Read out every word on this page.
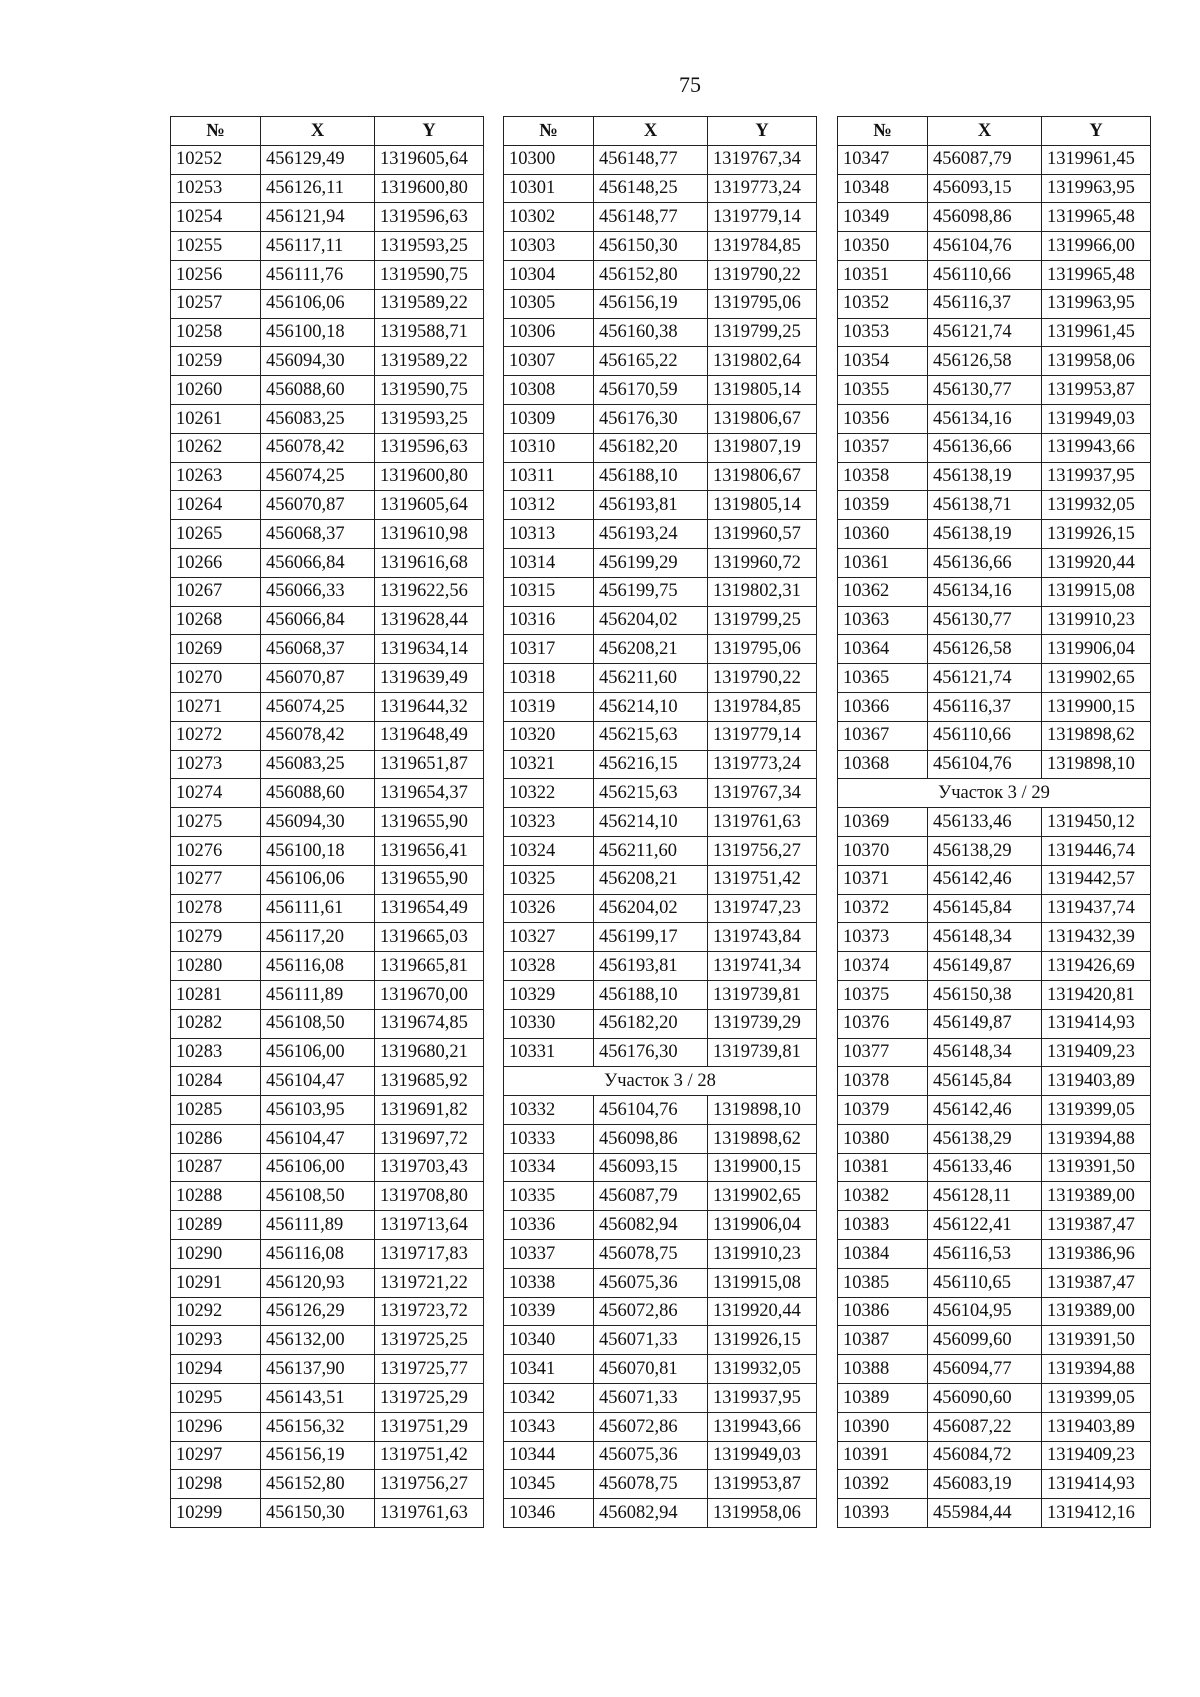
75
№	X	Y
10252	456129,49	1319605,64
10253	456126,11	1319600,80
10254	456121,94	1319596,63
10255	456117,11	1319593,25
10256	456111,76	1319590,75
10257	456106,06	1319589,22
10258	456100,18	1319588,71
10259	456094,30	1319589,22
10260	456088,60	1319590,75
10261	456083,25	1319593,25
10262	456078,42	1319596,63
10263	456074,25	1319600,80
10264	456070,87	1319605,64
10265	456068,37	1319610,98
10266	456066,84	1319616,68
10267	456066,33	1319622,56
10268	456066,84	1319628,44
10269	456068,37	1319634,14
10270	456070,87	1319639,49
10271	456074,25	1319644,32
10272	456078,42	1319648,49
10273	456083,25	1319651,87
10274	456088,60	1319654,37
10275	456094,30	1319655,90
10276	456100,18	1319656,41
10277	456106,06	1319655,90
10278	456111,61	1319654,49
10279	456117,20	1319665,03
10280	456116,08	1319665,81
10281	456111,89	1319670,00
10282	456108,50	1319674,85
10283	456106,00	1319680,21
10284	456104,47	1319685,92
10285	456103,95	1319691,82
10286	456104,47	1319697,72
10287	456106,00	1319703,43
10288	456108,50	1319708,80
10289	456111,89	1319713,64
10290	456116,08	1319717,83
10291	456120,93	1319721,22
10292	456126,29	1319723,72
10293	456132,00	1319725,25
10294	456137,90	1319725,77
10295	456143,51	1319725,29
10296	456156,32	1319751,29
10297	456156,19	1319751,42
10298	456152,80	1319756,27
10299	456150,30	1319761,63
№	X	Y
10300	456148,77	1319767,34
10301	456148,25	1319773,24
10302	456148,77	1319779,14
10303	456150,30	1319784,85
10304	456152,80	1319790,22
10305	456156,19	1319795,06
10306	456160,38	1319799,25
10307	456165,22	1319802,64
10308	456170,59	1319805,14
10309	456176,30	1319806,67
10310	456182,20	1319807,19
10311	456188,10	1319806,67
10312	456193,81	1319805,14
10313	456193,24	1319960,57
10314	456199,29	1319960,72
10315	456199,75	1319802,31
10316	456204,02	1319799,25
10317	456208,21	1319795,06
10318	456211,60	1319790,22
10319	456214,10	1319784,85
10320	456215,63	1319779,14
10321	456216,15	1319773,24
10322	456215,63	1319767,34
10323	456214,10	1319761,63
10324	456211,60	1319756,27
10325	456208,21	1319751,42
10326	456204,02	1319747,23
10327	456199,17	1319743,84
10328	456193,81	1319741,34
10329	456188,10	1319739,81
10330	456182,20	1319739,29
10331	456176,30	1319739,81
Участок 3 / 28		
10332	456104,76	1319898,10
10333	456098,86	1319898,62
10334	456093,15	1319900,15
10335	456087,79	1319902,65
10336	456082,94	1319906,04
10337	456078,75	1319910,23
10338	456075,36	1319915,08
10339	456072,86	1319920,44
10340	456071,33	1319926,15
10341	456070,81	1319932,05
10342	456071,33	1319937,95
10343	456072,86	1319943,66
10344	456075,36	1319949,03
10345	456078,75	1319953,87
10346	456082,94	1319958,06
№	X	Y
10347	456087,79	1319961,45
10348	456093,15	1319963,95
10349	456098,86	1319965,48
10350	456104,76	1319966,00
10351	456110,66	1319965,48
10352	456116,37	1319963,95
10353	456121,74	1319961,45
10354	456126,58	1319958,06
10355	456130,77	1319953,87
10356	456134,16	1319949,03
10357	456136,66	1319943,66
10358	456138,19	1319937,95
10359	456138,71	1319932,05
10360	456138,19	1319926,15
10361	456136,66	1319920,44
10362	456134,16	1319915,08
10363	456130,77	1319910,23
10364	456126,58	1319906,04
10365	456121,74	1319902,65
10366	456116,37	1319900,15
10367	456110,66	1319898,62
10368	456104,76	1319898,10
Участок 3 / 29		
10369	456133,46	1319450,12
10370	456138,29	1319446,74
10371	456142,46	1319442,57
10372	456145,84	1319437,74
10373	456148,34	1319432,39
10374	456149,87	1319426,69
10375	456150,38	1319420,81
10376	456149,87	1319414,93
10377	456148,34	1319409,23
10378	456145,84	1319403,89
10379	456142,46	1319399,05
10380	456138,29	1319394,88
10381	456133,46	1319391,50
10382	456128,11	1319389,00
10383	456122,41	1319387,47
10384	456116,53	1319386,96
10385	456110,65	1319387,47
10386	456104,95	1319389,00
10387	456099,60	1319391,50
10388	456094,77	1319394,88
10389	456090,60	1319399,05
10390	456087,22	1319403,89
10391	456084,72	1319409,23
10392	456083,19	1319414,93
10393	455984,44	1319412,16
